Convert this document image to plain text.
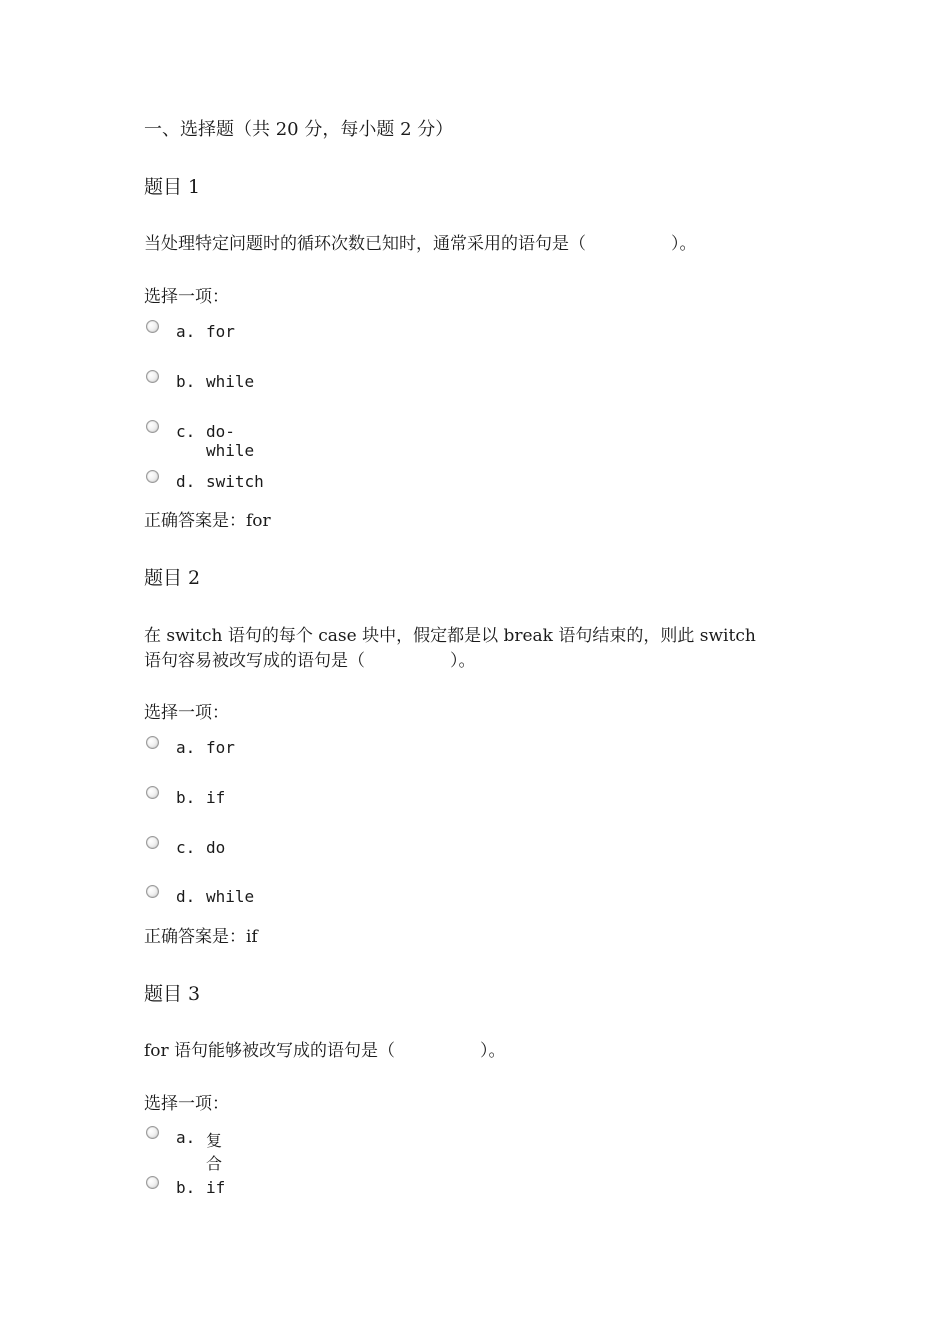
一、选择题（共 20 分，每小题 2 分）
题目 1
当处理特定问题时的循环次数已知时，通常采用的语句是（　　　　　）。
选择一项：
a. for
b. while
c. do-while
d. switch
正确答案是：for
题目 2
在 switch 语句的每个 case 块中，假定都是以 break 语句结束的，则此 switch
语句容易被改写成的语句是（　　　　　）。
选择一项：
a. for
b. if
c. do
d. while
正确答案是：if
题目 3
for 语句能够被改写成的语句是（　　　　　）。
选择一项：
a. 复合
b. if
